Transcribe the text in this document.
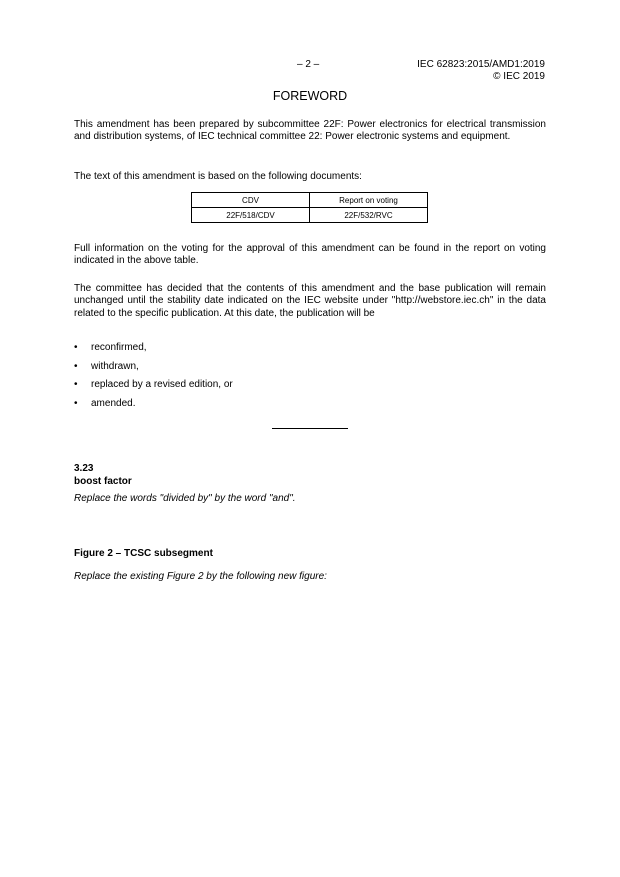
– 2 –	IEC 62823:2015/AMD1:2019
© IEC 2019
FOREWORD
This amendment has been prepared by subcommittee 22F: Power electronics for electrical transmission and distribution systems, of IEC technical committee 22: Power electronic systems and equipment.
The text of this amendment is based on the following documents:
CDV	Report on voting
22F/518/CDV	22F/532/RVC
Full information on the voting for the approval of this amendment can be found in the report on voting indicated in the above table.
The committee has decided that the contents of this amendment and the base publication will remain unchanged until the stability date indicated on the IEC website under "http://webstore.iec.ch" in the data related to the specific publication. At this date, the publication will be
• reconfirmed,
• withdrawn,
• replaced by a revised edition, or
• amended.
3.23
boost factor
Replace the words "divided by" by the word "and".
Figure 2 – TCSC subsegment
Replace the existing Figure 2 by the following new figure:
